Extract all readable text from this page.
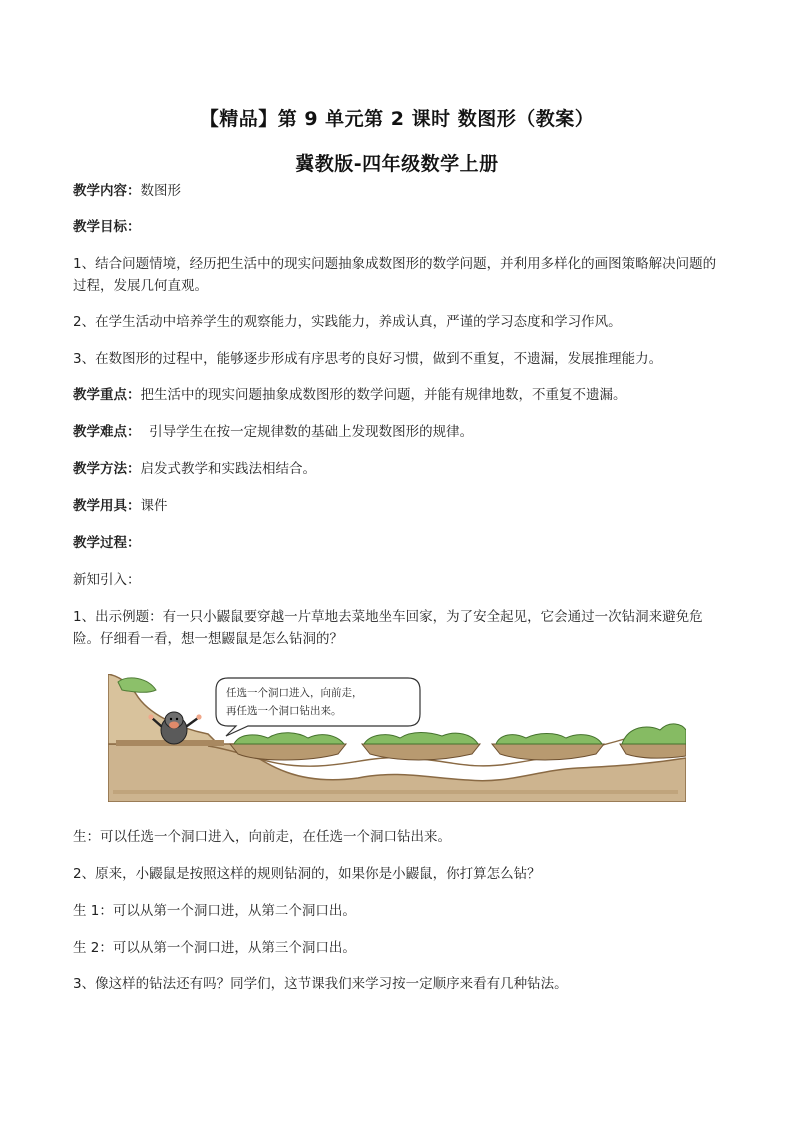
【精品】第 9 单元第 2 课时 数图形（教案）
冀教版-四年级数学上册
教学内容：数图形
教学目标：
1、结合问题情境，经历把生活中的现实问题抽象成数图形的数学问题，并利用多样化的画图策略解决问题的过程，发展几何直观。
2、在学生活动中培养学生的观察能力，实践能力，养成认真，严谨的学习态度和学习作风。
3、在数图形的过程中，能够逐步形成有序思考的良好习惯，做到不重复，不遗漏，发展推理能力。
教学重点：把生活中的现实问题抽象成数图形的数学问题，并能有规律地数，不重复不遗漏。
教学难点：  引导学生在按一定规律数的基础上发现数图形的规律。
教学方法：启发式教学和实践法相结合。
教学用具：课件
教学过程：
新知引入：
1、出示例题：有一只小鼹鼠要穿越一片草地去菜地坐车回家，为了安全起见，它会通过一次钻洞来避免危险。仔细看一看，想一想鼹鼠是怎么钻洞的？
任选一个洞口进入，向前走，
再任选一个洞口钻出来。
生：可以任选一个洞口进入，向前走，在任选一个洞口钻出来。
2、原来，小鼹鼠是按照这样的规则钻洞的，如果你是小鼹鼠，你打算怎么钻？
生 1：可以从第一个洞口进，从第二个洞口出。
生 2：可以从第一个洞口进，从第三个洞口出。
3、像这样的钻法还有吗？同学们，这节课我们来学习按一定顺序来看有几种钻法。
